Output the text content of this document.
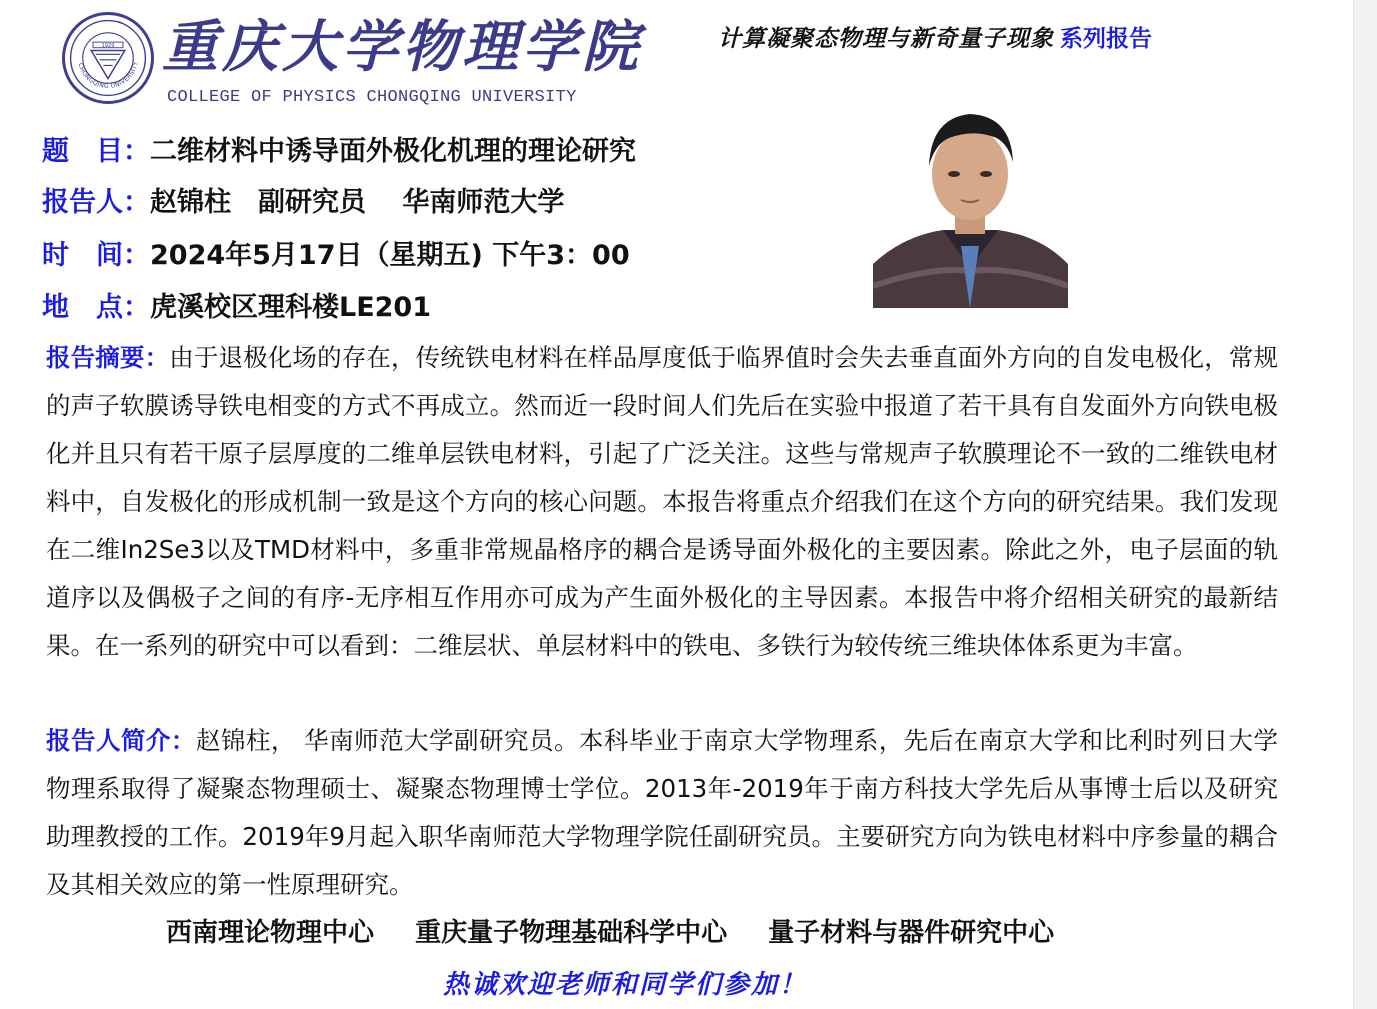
1929
CHONGQING UNIVERSITY 重庆大学物理学院
COLLEGE OF PHYSICS CHONGQING UNIVERSITY
计算凝聚态物理与新奇量子现象 系列报告
题　目：二维材料中诱导面外极化机理的理论研究
报告人：赵锦柱　副研究员　 华南师范大学
时　间：2024年5月17日（星期五) 下午3：00
地　点：虎溪校区理科楼LE201
报告摘要：由于退极化场的存在，传统铁电材料在样品厚度低于临界值时会失去垂直面外方向的自发电极化，常规的声子软膜诱导铁电相变的方式不再成立。然而近一段时间人们先后在实验中报道了若干具有自发面外方向铁电极化并且只有若干原子层厚度的二维单层铁电材料，引起了广泛关注。这些与常规声子软膜理论不一致的二维铁电材料中，自发极化的形成机制一致是这个方向的核心问题。本报告将重点介绍我们在这个方向的研究结果。我们发现在二维In2Se3以及TMD材料中，多重非常规晶格序的耦合是诱导面外极化的主要因素。除此之外，电子层面的轨道序以及偶极子之间的有序-无序相互作用亦可成为产生面外极化的主导因素。本报告中将介绍相关研究的最新结果。在一系列的研究中可以看到：二维层状、单层材料中的铁电、多铁行为较传统三维块体体系更为丰富。
报告人简介：赵锦柱， 华南师范大学副研究员。本科毕业于南京大学物理系，先后在南京大学和比利时列日大学物理系取得了凝聚态物理硕士、凝聚态物理博士学位。2013年-2019年于南方科技大学先后从事博士后以及研究助理教授的工作。2019年9月起入职华南师范大学物理学院任副研究员。主要研究方向为铁电材料中序参量的耦合及其相关效应的第一性原理研究。
西南理论物理中心 重庆量子物理基础科学中心 量子材料与器件研究中心
热诚欢迎老师和同学们参加！
